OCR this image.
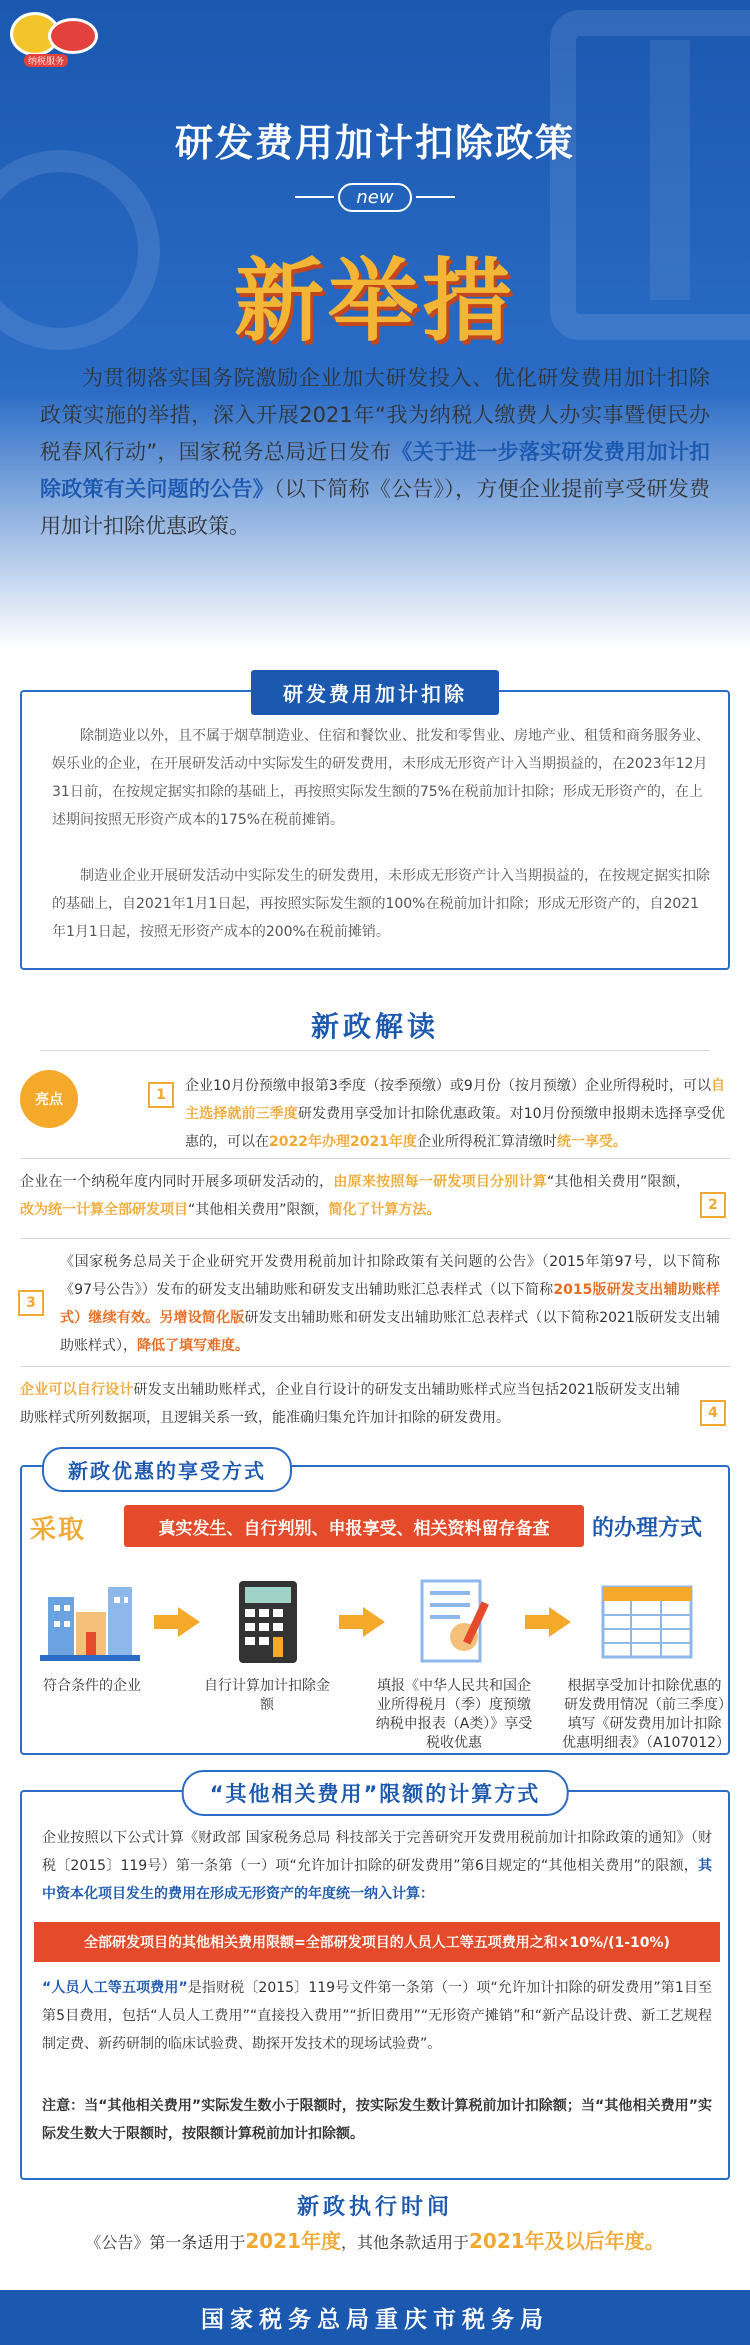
纳税服务
研发费用加计扣除政策
new
新举措
为贯彻落实国务院激励企业加大研发投入、优化研发费用加计扣除政策实施的举措，深入开展2021年“我为纳税人缴费人办实事暨便民办税春风行动”，国家税务总局近日发布《关于进一步落实研发费用加计扣除政策有关问题的公告》（以下简称《公告》），方便企业提前享受研发费用加计扣除优惠政策。
研发费用加计扣除
除制造业以外，且不属于烟草制造业、住宿和餐饮业、批发和零售业、房地产业、租赁和商务服务业、娱乐业的企业，在开展研发活动中实际发生的研发费用，未形成无形资产计入当期损益的，在2023年12月31日前，在按规定据实扣除的基础上，再按照实际发生额的75%在税前加计扣除；形成无形资产的，在上述期间按照无形资产成本的175%在税前摊销。
制造业企业开展研发活动中实际发生的研发费用，未形成无形资产计入当期损益的，在按规定据实扣除的基础上，自2021年1月1日起，再按照实际发生额的100%在税前加计扣除；形成无形资产的，自2021年1月1日起，按照无形资产成本的200%在税前摊销。
新政解读
亮点	1
企业10月份预缴申报第3季度（按季预缴）或9月份（按月预缴）企业所得税时，可以自主选择就前三季度研发费用享受加计扣除优惠政策。对10月份预缴申报期未选择享受优惠的，可以在2022年办理2021年度企业所得税汇算清缴时统一享受。
企业在一个纳税年度内同时开展多项研发活动的，由原来按照每一研发项目分别计算“其他相关费用”限额，改为统一计算全部研发项目“其他相关费用”限额，简化了计算方法。	2
3
《国家税务总局关于企业研究开发费用税前加计扣除政策有关问题的公告》（2015年第97号，以下简称《97号公告》）发布的研发支出辅助账和研发支出辅助账汇总表样式（以下简称2015版研发支出辅助账样式）继续有效。另增设简化版研发支出辅助账和研发支出辅助账汇总表样式（以下简称2021版研发支出辅助账样式），降低了填写难度。
企业可以自行设计研发支出辅助账样式，企业自行设计的研发支出辅助账样式应当包括2021版研发支出辅助账样式所列数据项，且逻辑关系一致，能准确归集允许加计扣除的研发费用。	4
新政优惠的享受方式
采取	真实发生、自行判别、申报享受、相关资料留存备查	的办理方式
符合条件的企业	自行计算加计扣除金额
填报《中华人民共和国企业所得税月（季）度预缴纳税申报表（A类）》享受税收优惠
根据享受加计扣除优惠的研发费用情况（前三季度）填写《研发费用加计扣除优惠明细表》（A107012）
“其他相关费用”限额的计算方式
企业按照以下公式计算《财政部 国家税务总局 科技部关于完善研究开发费用税前加计扣除政策的通知》（财税〔2015〕119号）第一条第（一）项“允许加计扣除的研发费用”第6目规定的“其他相关费用”的限额，其中资本化项目发生的费用在形成无形资产的年度统一纳入计算：
全部研发项目的其他相关费用限额=全部研发项目的人员人工等五项费用之和×10%/(1-10%)
“人员人工等五项费用”是指财税〔2015〕119号文件第一条第（一）项“允许加计扣除的研发费用”第1目至第5目费用，包括“人员人工费用”“直接投入费用”“折旧费用”“无形资产摊销”和“新产品设计费、新工艺规程制定费、新药研制的临床试验费、勘探开发技术的现场试验费”。
注意：当“其他相关费用”实际发生数小于限额时，按实际发生数计算税前加计扣除额；当“其他相关费用”实际发生数大于限额时，按限额计算税前加计扣除额。
新政执行时间
《公告》第一条适用于2021年度，其他条款适用于2021年及以后年度。
国家税务总局重庆市税务局
